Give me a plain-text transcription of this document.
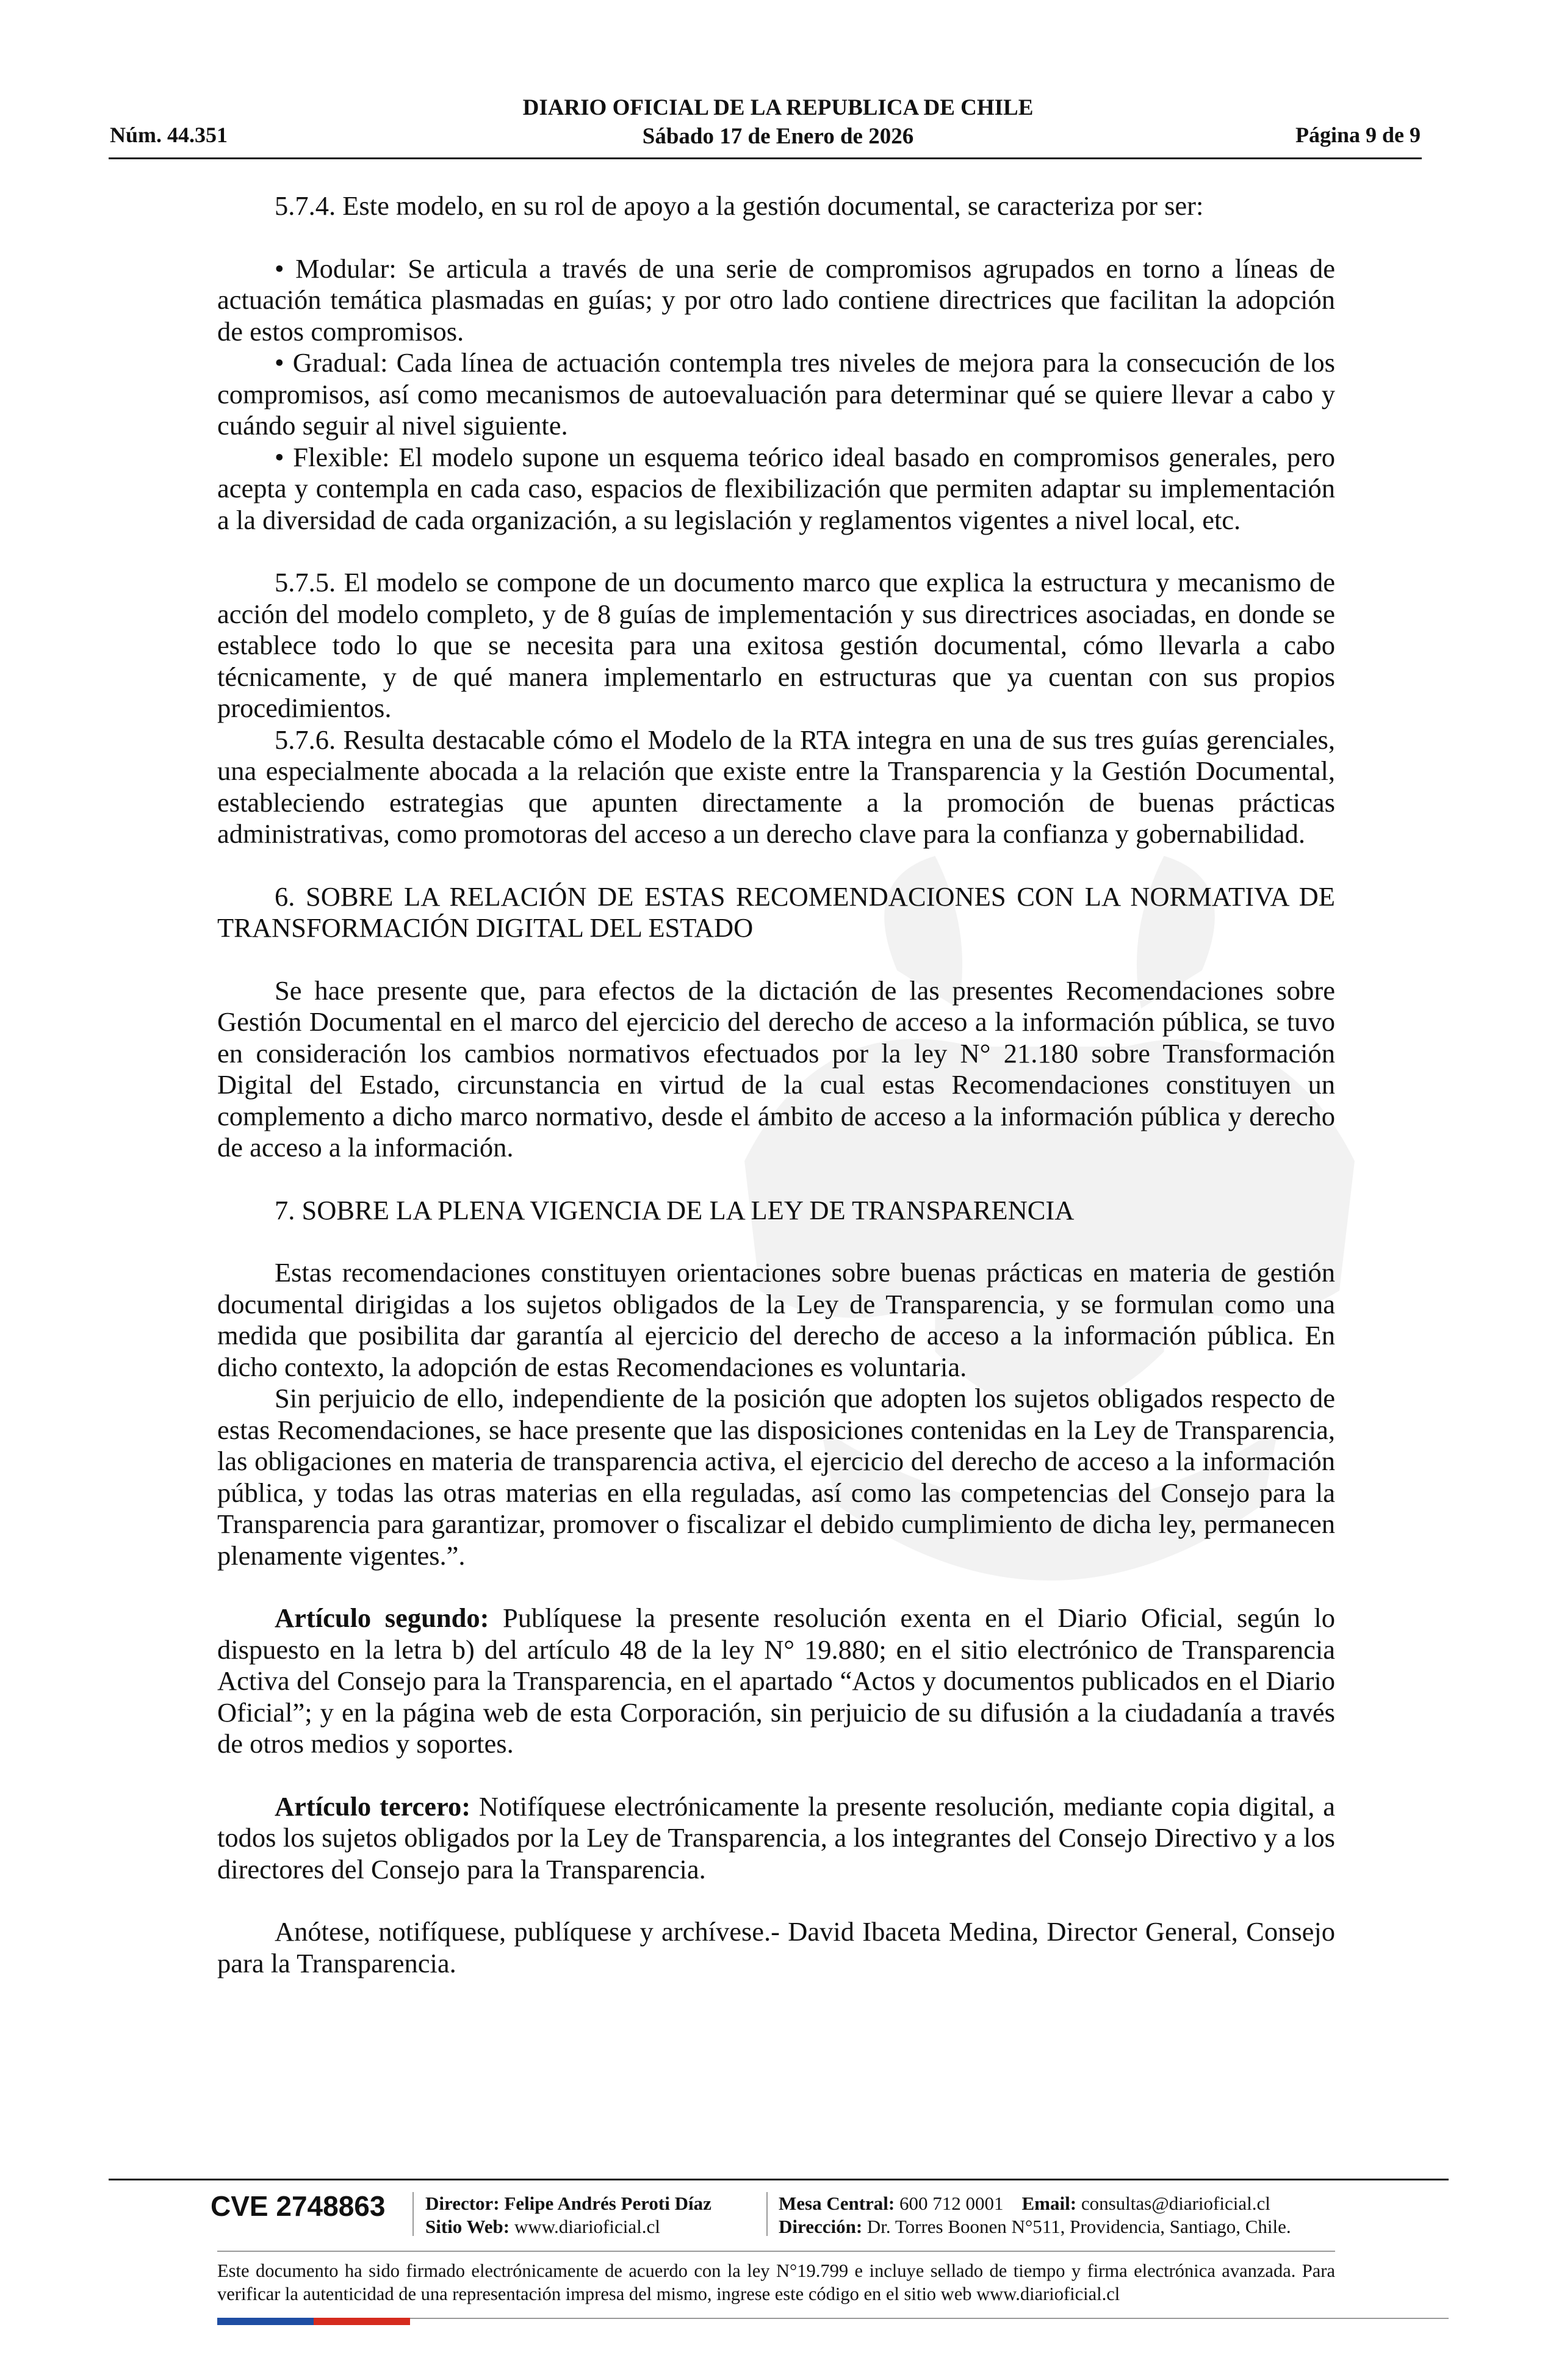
DIARIO OFICIAL DE LA REPUBLICA DE CHILE
Sábado 17 de Enero de 2026
Núm. 44.351	Página 9 de 9

5.7.4. Este modelo, en su rol de apoyo a la gestión documental, se caracteriza por ser:

• Modular: Se articula a través de una serie de compromisos agrupados en torno a líneas de actuación temática plasmadas en guías; y por otro lado contiene directrices que facilitan la adopción de estos compromisos.

• Gradual: Cada línea de actuación contempla tres niveles de mejora para la consecución de los compromisos, así como mecanismos de autoevaluación para determinar qué se quiere llevar a cabo y cuándo seguir al nivel siguiente.

• Flexible: El modelo supone un esquema teórico ideal basado en compromisos generales, pero acepta y contempla en cada caso, espacios de flexibilización que permiten adaptar su implementación a la diversidad de cada organización, a su legislación y reglamentos vigentes a nivel local, etc.

5.7.5. El modelo se compone de un documento marco que explica la estructura y mecanismo de acción del modelo completo, y de 8 guías de implementación y sus directrices asociadas, en donde se establece todo lo que se necesita para una exitosa gestión documental, cómo llevarla a cabo técnicamente, y de qué manera implementarlo en estructuras que ya cuentan con sus propios procedimientos.

5.7.6. Resulta destacable cómo el Modelo de la RTA integra en una de sus tres guías gerenciales, una especialmente abocada a la relación que existe entre la Transparencia y la Gestión Documental, estableciendo estrategias que apunten directamente a la promoción de buenas prácticas administrativas, como promotoras del acceso a un derecho clave para la confianza y gobernabilidad.

6. SOBRE LA RELACIÓN DE ESTAS RECOMENDACIONES CON LA NORMATIVA DE TRANSFORMACIÓN DIGITAL DEL ESTADO

Se hace presente que, para efectos de la dictación de las presentes Recomendaciones sobre Gestión Documental en el marco del ejercicio del derecho de acceso a la información pública, se tuvo en consideración los cambios normativos efectuados por la ley N° 21.180 sobre Transformación Digital del Estado, circunstancia en virtud de la cual estas Recomendaciones constituyen un complemento a dicho marco normativo, desde el ámbito de acceso a la información pública y derecho de acceso a la información.

7. SOBRE LA PLENA VIGENCIA DE LA LEY DE TRANSPARENCIA

Estas recomendaciones constituyen orientaciones sobre buenas prácticas en materia de gestión documental dirigidas a los sujetos obligados de la Ley de Transparencia, y se formulan como una medida que posibilita dar garantía al ejercicio del derecho de acceso a la información pública. En dicho contexto, la adopción de estas Recomendaciones es voluntaria.

Sin perjuicio de ello, independiente de la posición que adopten los sujetos obligados respecto de estas Recomendaciones, se hace presente que las disposiciones contenidas en la Ley de Transparencia, las obligaciones en materia de transparencia activa, el ejercicio del derecho de acceso a la información pública, y todas las otras materias en ella reguladas, así como las competencias del Consejo para la Transparencia para garantizar, promover o fiscalizar el debido cumplimiento de dicha ley, permanecen plenamente vigentes.”.

Artículo segundo: Publíquese la presente resolución exenta en el Diario Oficial, según lo dispuesto en la letra b) del artículo 48 de la ley N° 19.880; en el sitio electrónico de Transparencia Activa del Consejo para la Transparencia, en el apartado “Actos y documentos publicados en el Diario Oficial”; y en la página web de esta Corporación, sin perjuicio de su difusión a la ciudadanía a través de otros medios y soportes.

Artículo tercero: Notifíquese electrónicamente la presente resolución, mediante copia digital, a todos los sujetos obligados por la Ley de Transparencia, a los integrantes del Consejo Directivo y a los directores del Consejo para la Transparencia.

Anótese, notifíquese, publíquese y archívese.- David Ibaceta Medina, Director General, Consejo para la Transparencia.

CVE 2748863 Director: Felipe Andrés Peroti Díaz
Sitio Web: www.diarioficial.cl
Mesa Central: 600 712 0001 Email: consultas@diarioficial.cl
Dirección: Dr. Torres Boonen N°511, Providencia, Santiago, Chile.
Este documento ha sido firmado electrónicamente de acuerdo con la ley N°19.799 e incluye sellado de tiempo y firma electrónica avanzada. Para verificar la autenticidad de una representación impresa del mismo, ingrese este código en el sitio web www.diarioficial.cl
